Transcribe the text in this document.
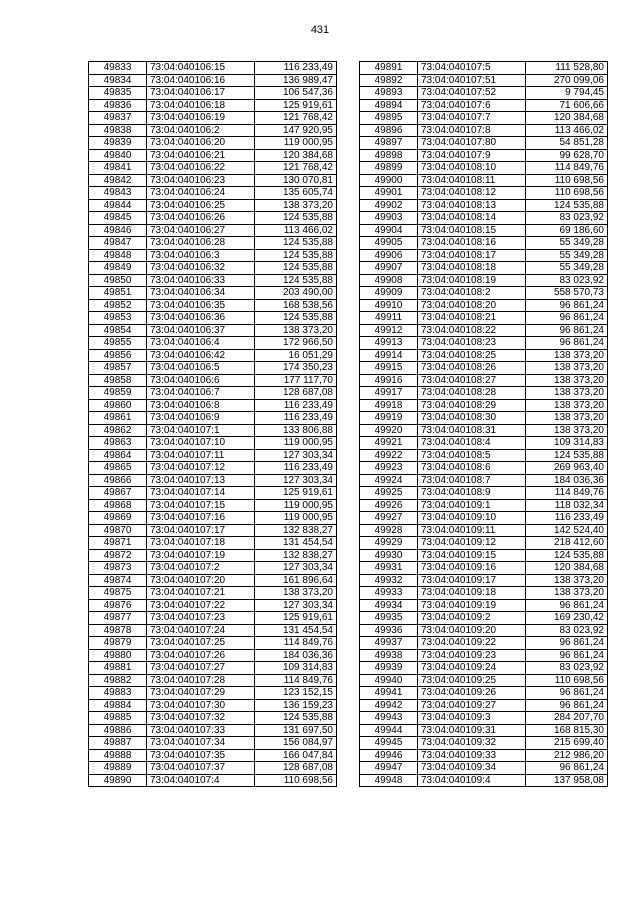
431
49833	73:04:040106:15	116 233,49
49834	73:04:040106:16	136 989,47
49835	73:04:040106:17	106 547,36
49836	73:04:040106:18	125 919,61
49837	73:04:040106:19	121 768,42
49838	73:04:040106:2	147 920,95
49839	73:04:040106:20	119 000,95
49840	73:04:040106:21	120 384,68
49841	73:04:040106:22	121 768,42
49842	73:04:040106:23	130 070,81
49843	73:04:040106:24	135 605,74
49844	73:04:040106:25	138 373,20
49845	73:04:040106:26	124 535,88
49846	73:04:040106:27	113 466,02
49847	73:04:040106:28	124 535,88
49848	73:04:040106:3	124 535,88
49849	73:04:040106:32	124 535,88
49850	73:04:040106:33	124 535,88
49851	73:04:040106:34	203 490,00
49852	73:04:040106:35	168 538,56
49853	73:04:040106:36	124 535,88
49854	73:04:040106:37	138 373,20
49855	73:04:040106:4	172 966,50
49856	73:04:040106:42	16 051,29
49857	73:04:040106:5	174 350,23
49858	73:04:040106:6	177 117,70
49859	73:04:040106:7	128 687,08
49860	73:04:040106:8	116 233,49
49861	73:04:040106:9	116 233,49
49862	73:04:040107:1	133 806,88
49863	73:04:040107:10	119 000,95
49864	73:04:040107:11	127 303,34
49865	73:04:040107:12	116 233,49
49866	73:04:040107:13	127 303,34
49867	73:04:040107:14	125 919,61
49868	73:04:040107:15	119 000,95
49869	73:04:040107:16	119 000,95
49870	73:04:040107:17	132 838,27
49871	73:04:040107:18	131 454,54
49872	73:04:040107:19	132 838,27
49873	73:04:040107:2	127 303,34
49874	73:04:040107:20	161 896,64
49875	73:04:040107:21	138 373,20
49876	73:04:040107:22	127 303,34
49877	73:04:040107:23	125 919,61
49878	73:04:040107:24	131 454,54
49879	73:04:040107:25	114 849,76
49880	73:04:040107:26	184 036,36
49881	73:04:040107:27	109 314,83
49882	73:04:040107:28	114 849,76
49883	73:04:040107:29	123 152,15
49884	73:04:040107:30	136 159,23
49885	73:04:040107:32	124 535,88
49886	73:04:040107:33	131 697,50
49887	73:04:040107:34	156 084,97
49888	73:04:040107:35	166 047,84
49889	73:04:040107:37	128 687,08
49890	73:04:040107:4	110 698,56
49891	73:04:040107:5	111 528,80
49892	73:04:040107:51	270 099,06
49893	73:04:040107:52	9 794,45
49894	73:04:040107:6	71 606,66
49895	73:04:040107:7	120 384,68
49896	73:04:040107:8	113 466,02
49897	73:04:040107:80	54 851,28
49898	73:04:040107:9	99 628,70
49899	73:04:040108:10	114 849,76
49900	73:04:040108:11	110 698,56
49901	73:04:040108:12	110 698,56
49902	73:04:040108:13	124 535,88
49903	73:04:040108:14	83 023,92
49904	73:04:040108:15	69 186,60
49905	73:04:040108:16	55 349,28
49906	73:04:040108:17	55 349,28
49907	73:04:040108:18	55 349,28
49908	73:04:040108:19	83 023,92
49909	73:04:040108:2	558 570,73
49910	73:04:040108:20	96 861,24
49911	73:04:040108:21	96 861,24
49912	73:04:040108:22	96 861,24
49913	73:04:040108:23	96 861,24
49914	73:04:040108:25	138 373,20
49915	73:04:040108:26	138 373,20
49916	73:04:040108:27	138 373,20
49917	73:04:040108:28	138 373,20
49918	73:04:040108:29	138 373,20
49919	73:04:040108:30	138 373,20
49920	73:04:040108:31	138 373,20
49921	73:04:040108:4	109 314,83
49922	73:04:040108:5	124 535,88
49923	73:04:040108:6	269 963,40
49924	73:04:040108:7	184 036,36
49925	73:04:040108:9	114 849,76
49926	73:04:040109:1	118 032,34
49927	73:04:040109:10	116 233,49
49928	73:04:040109:11	142 524,40
49929	73:04:040109:12	218 412,60
49930	73:04:040109:15	124 535,88
49931	73:04:040109:16	120 384,68
49932	73:04:040109:17	138 373,20
49933	73:04:040109:18	138 373,20
49934	73:04:040109:19	96 861,24
49935	73:04:040109:2	169 230,42
49936	73:04:040109:20	83 023,92
49937	73:04:040109:22	96 861,24
49938	73:04:040109:23	96 861,24
49939	73:04:040109:24	83 023,92
49940	73:04:040109:25	110 698,56
49941	73:04:040109:26	96 861,24
49942	73:04:040109:27	96 861,24
49943	73:04:040109:3	284 207,70
49944	73:04:040109:31	168 815,30
49945	73:04:040109:32	215 699,40
49946	73:04:040109:33	212 986,20
49947	73:04:040109:34	96 861,24
49948	73:04:040109:4	137 958,08
